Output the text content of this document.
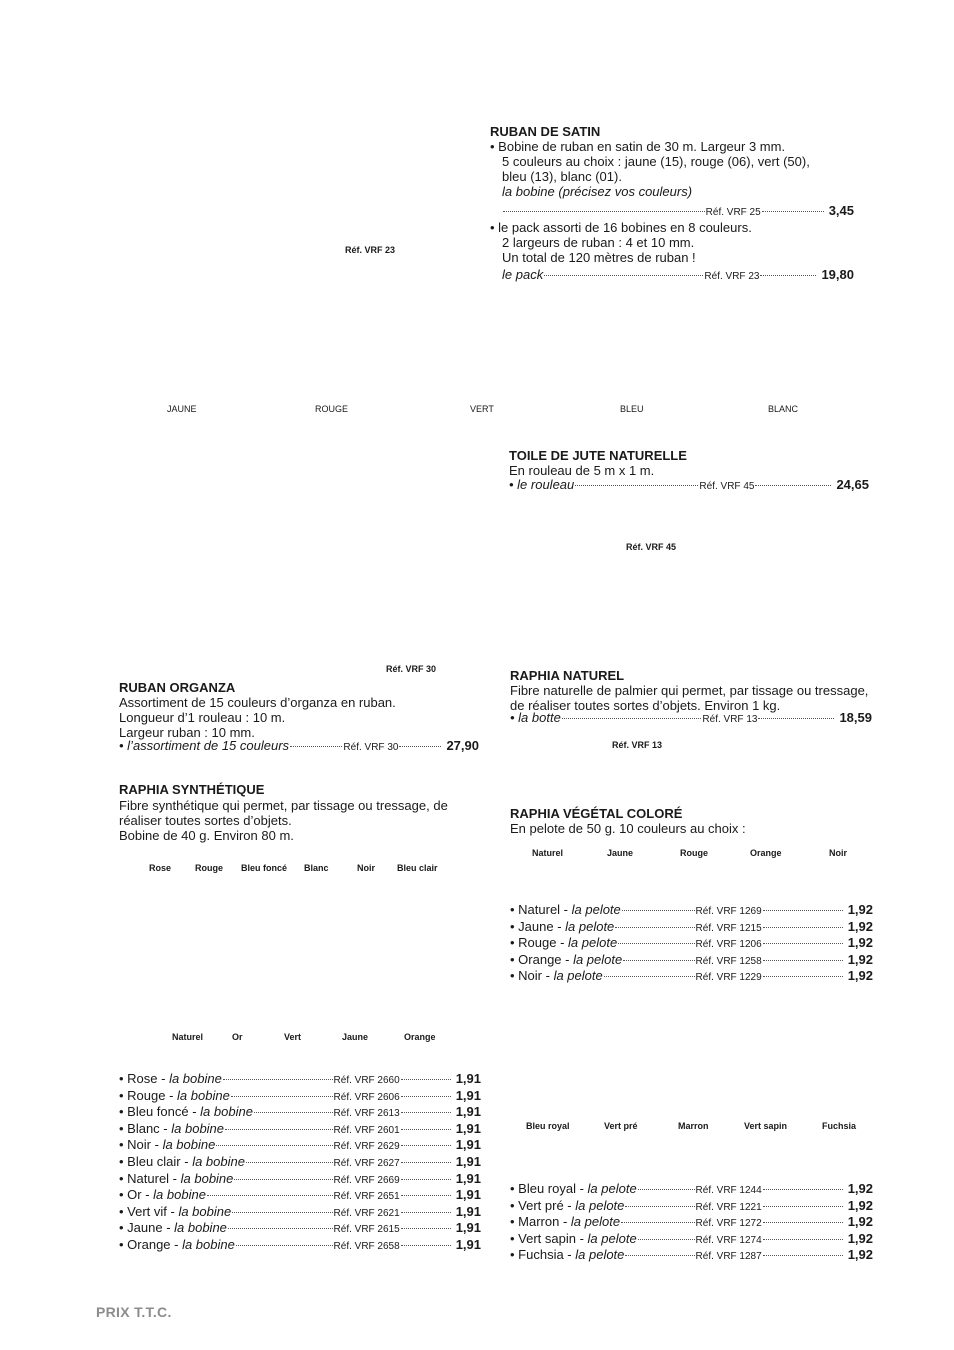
RUBAN DE SATIN
• Bobine de ruban en satin de 30 m. Largeur 3 mm.
5 couleurs au choix : jaune (15), rouge (06), vert (50),
bleu (13), blanc (01).
la bobine (précisez vos couleurs)
Réf. VRF 25	3,45
• le pack assorti de 16 bobines en 8 couleurs.
2 largeurs de ruban : 4 et 10 mm.
Un total de 120 mètres de ruban !
le pack	Réf. VRF 23	19,80
Réf. VRF 23
JAUNE	ROUGE	VERT	BLEU	BLANC
TOILE DE JUTE NATURELLE
En rouleau de 5 m x 1 m.
• le rouleau	Réf. VRF 45	24,65
Réf. VRF 45
Réf. VRF 30
RUBAN ORGANZA
Assortiment de 15 couleurs d’organza en ruban.
Longueur d’1 rouleau : 10 m.
Largeur ruban : 10 mm.
• l’assortiment de 15 couleurs	Réf. VRF 30	27,90
RAPHIA NATUREL
Fibre naturelle de palmier qui permet, par tissage ou tressage,
de réaliser toutes sortes d’objets. Environ 1 kg.
• la botte	Réf. VRF 13	18,59
Réf. VRF 13
RAPHIA SYNTHÉTIQUE
Fibre synthétique qui permet, par tissage ou tressage, de
réaliser toutes sortes d’objets.
Bobine de 40 g. Environ 80 m.
Rose	Rouge Bleu foncé Blanc	Noir Bleu clair
Naturel	Or	Vert	Jaune	Orange
• Rose - la bobine	Réf. VRF 2660	1,91
• Rouge - la bobine	Réf. VRF 2606	1,91
• Bleu foncé - la bobine	Réf. VRF 2613	1,91
• Blanc - la bobine	Réf. VRF 2601	1,91
• Noir - la bobine	Réf. VRF 2629	1,91
• Bleu clair - la bobine	Réf. VRF 2627	1,91
• Naturel - la bobine	Réf. VRF 2669	1,91
• Or - la bobine	Réf. VRF 2651	1,91
• Vert vif - la bobine	Réf. VRF 2621	1,91
• Jaune - la bobine	Réf. VRF 2615	1,91
• Orange - la bobine	Réf. VRF 2658	1,91
RAPHIA VÉGÉTAL COLORÉ
En pelote de 50 g. 10 couleurs au choix :
Naturel	Jaune	Rouge	Orange	Noir
• Naturel - la pelote	Réf. VRF 1269	1,92
• Jaune - la pelote	Réf. VRF 1215	1,92
• Rouge - la pelote	Réf. VRF 1206	1,92
• Orange - la pelote	Réf. VRF 1258	1,92
• Noir - la pelote	Réf. VRF 1229	1,92
Bleu royal	Vert pré	Marron	Vert sapin	Fuchsia
• Bleu royal - la pelote	Réf. VRF 1244	1,92
• Vert pré - la pelote	Réf. VRF 1221	1,92
• Marron - la pelote	Réf. VRF 1272	1,92
• Vert sapin - la pelote	Réf. VRF 1274	1,92
• Fuchsia - la pelote	Réf. VRF 1287	1,92
PRIX T.T.C.
